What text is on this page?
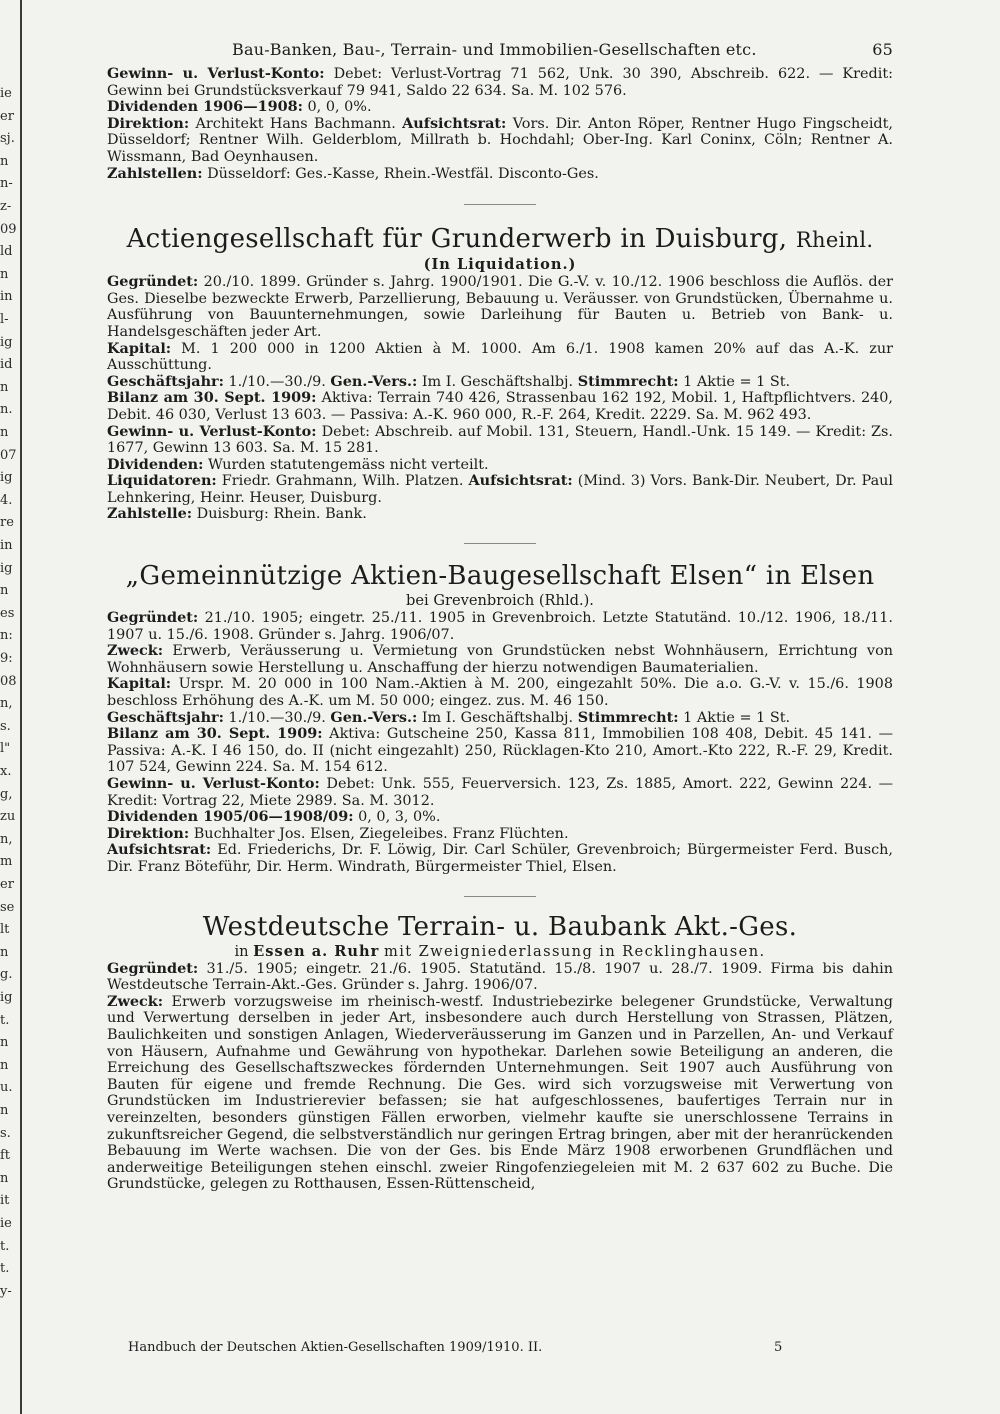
ie
er
sj.
n
n-
z-
09
ld
n
in
l-
ig
id
n
n.
n
07
ig
4.
re
in
ig
n
es
n:
9:
08
n,
s.
l"
x.
g,
zu
n,
m
er
se
lt
n
g.
ig
t.
n
n
u.
n
s.
ft
n
it
ie
t.
t.
y-
Bau-Banken, Bau-, Terrain- und Immobilien-Gesellschaften etc.	65

Gewinn- u. Verlust-Konto: Debet: Verlust-Vortrag 71 562, Unk. 30 390, Abschreib. 622. — Kredit: Gewinn bei Grundstücksverkauf 79 941, Saldo 22 634. Sa. M. 102 576.

Dividenden 1906—1908: 0, 0, 0%.

Direktion: Architekt Hans Bachmann. Aufsichtsrat: Vors. Dir. Anton Röper, Rentner Hugo Fingscheidt, Düsseldorf; Rentner Wilh. Gelderblom, Millrath b. Hochdahl; Ober-Ing. Karl Coninx, Cöln; Rentner A. Wissmann, Bad Oeynhausen.

Zahlstellen: Düsseldorf: Ges.-Kasse, Rhein.-Westfäl. Disconto-Ges.

Actiengesellschaft für Grunderwerb in Duisburg, Rheinl.
(In Liquidation.)

Gegründet: 20./10. 1899. Gründer s. Jahrg. 1900/1901. Die G.-V. v. 10./12. 1906 beschloss die Auflös. der Ges. Dieselbe bezweckte Erwerb, Parzellierung, Bebauung u. Veräusser. von Grundstücken, Übernahme u. Ausführung von Bauunternehmungen, sowie Darleihung für Bauten u. Betrieb von Bank- u. Handelsgeschäften jeder Art.

Kapital: M. 1 200 000 in 1200 Aktien à M. 1000. Am 6./1. 1908 kamen 20% auf das A.-K. zur Ausschüttung.

Geschäftsjahr: 1./10.—30./9. Gen.-Vers.: Im I. Geschäftshalbj. Stimmrecht: 1 Aktie = 1 St.

Bilanz am 30. Sept. 1909: Aktiva: Terrain 740 426, Strassenbau 162 192, Mobil. 1, Haftpflichtvers. 240, Debit. 46 030, Verlust 13 603. — Passiva: A.-K. 960 000, R.-F. 264, Kredit. 2229. Sa. M. 962 493.

Gewinn- u. Verlust-Konto: Debet: Abschreib. auf Mobil. 131, Steuern, Handl.-Unk. 15 149. — Kredit: Zs. 1677, Gewinn 13 603. Sa. M. 15 281.

Dividenden: Wurden statutengemäss nicht verteilt.

Liquidatoren: Friedr. Grahmann, Wilh. Platzen. Aufsichtsrat: (Mind. 3) Vors. Bank-Dir. Neubert, Dr. Paul Lehnkering, Heinr. Heuser, Duisburg.

Zahlstelle: Duisburg: Rhein. Bank.

„Gemeinnützige Aktien-Baugesellschaft Elsen“ in Elsen
bei Grevenbroich (Rhld.).

Gegründet: 21./10. 1905; eingetr. 25./11. 1905 in Grevenbroich. Letzte Statutänd. 10./12. 1906, 18./11. 1907 u. 15./6. 1908. Gründer s. Jahrg. 1906/07.

Zweck: Erwerb, Veräusserung u. Vermietung von Grundstücken nebst Wohnhäusern, Errichtung von Wohnhäusern sowie Herstellung u. Anschaffung der hierzu notwendigen Baumaterialien.

Kapital: Urspr. M. 20 000 in 100 Nam.-Aktien à M. 200, eingezahlt 50%. Die a.o. G.-V. v. 15./6. 1908 beschloss Erhöhung des A.-K. um M. 50 000; eingez. zus. M. 46 150.

Geschäftsjahr: 1./10.—30./9. Gen.-Vers.: Im I. Geschäftshalbj. Stimmrecht: 1 Aktie = 1 St.

Bilanz am 30. Sept. 1909: Aktiva: Gutscheine 250, Kassa 811, Immobilien 108 408, Debit. 45 141. — Passiva: A.-K. I 46 150, do. II (nicht eingezahlt) 250, Rücklagen-Kto 210, Amort.-Kto 222, R.-F. 29, Kredit. 107 524, Gewinn 224. Sa. M. 154 612.

Gewinn- u. Verlust-Konto: Debet: Unk. 555, Feuerversich. 123, Zs. 1885, Amort. 222, Gewinn 224. — Kredit: Vortrag 22, Miete 2989. Sa. M. 3012.

Dividenden 1905/06—1908/09: 0, 0, 3, 0%.

Direktion: Buchhalter Jos. Elsen, Ziegeleibes. Franz Flüchten.

Aufsichtsrat: Ed. Friederichs, Dr. F. Löwig, Dir. Carl Schüler, Grevenbroich; Bürgermeister Ferd. Busch, Dir. Franz Böteführ, Dir. Herm. Windrath, Bürgermeister Thiel, Elsen.

Westdeutsche Terrain- u. Baubank Akt.-Ges.
in Essen a. Ruhr mit Zweigniederlassung in Recklinghausen.

Gegründet: 31./5. 1905; eingetr. 21./6. 1905. Statutänd. 15./8. 1907 u. 28./7. 1909. Firma bis dahin Westdeutsche Terrain-Akt.-Ges. Gründer s. Jahrg. 1906/07.

Zweck: Erwerb vorzugsweise im rheinisch-westf. Industriebezirke belegener Grundstücke, Verwaltung und Verwertung derselben in jeder Art, insbesondere auch durch Herstellung von Strassen, Plätzen, Baulichkeiten und sonstigen Anlagen, Wiederveräusserung im Ganzen und in Parzellen, An- und Verkauf von Häusern, Aufnahme und Gewährung von hypothekar. Darlehen sowie Beteiligung an anderen, die Erreichung des Gesellschaftszweckes fördernden Unternehmungen. Seit 1907 auch Ausführung von Bauten für eigene und fremde Rechnung. Die Ges. wird sich vorzugsweise mit Verwertung von Grundstücken im Industrierevier befassen; sie hat aufgeschlossenes, baufertiges Terrain nur in vereinzelten, besonders günstigen Fällen erworben, vielmehr kaufte sie unerschlossene Terrains in zukunftsreicher Gegend, die selbstverständlich nur geringen Ertrag bringen, aber mit der heranrückenden Bebauung im Werte wachsen. Die von der Ges. bis Ende März 1908 erworbenen Grundflächen und anderweitige Beteiligungen stehen einschl. zweier Ringofenziegeleien mit M. 2 637 602 zu Buche. Die Grundstücke, gelegen zu Rotthausen, Essen-Rüttenscheid,

Handbuch der Deutschen Aktien-Gesellschaften 1909/1910. II.	5
